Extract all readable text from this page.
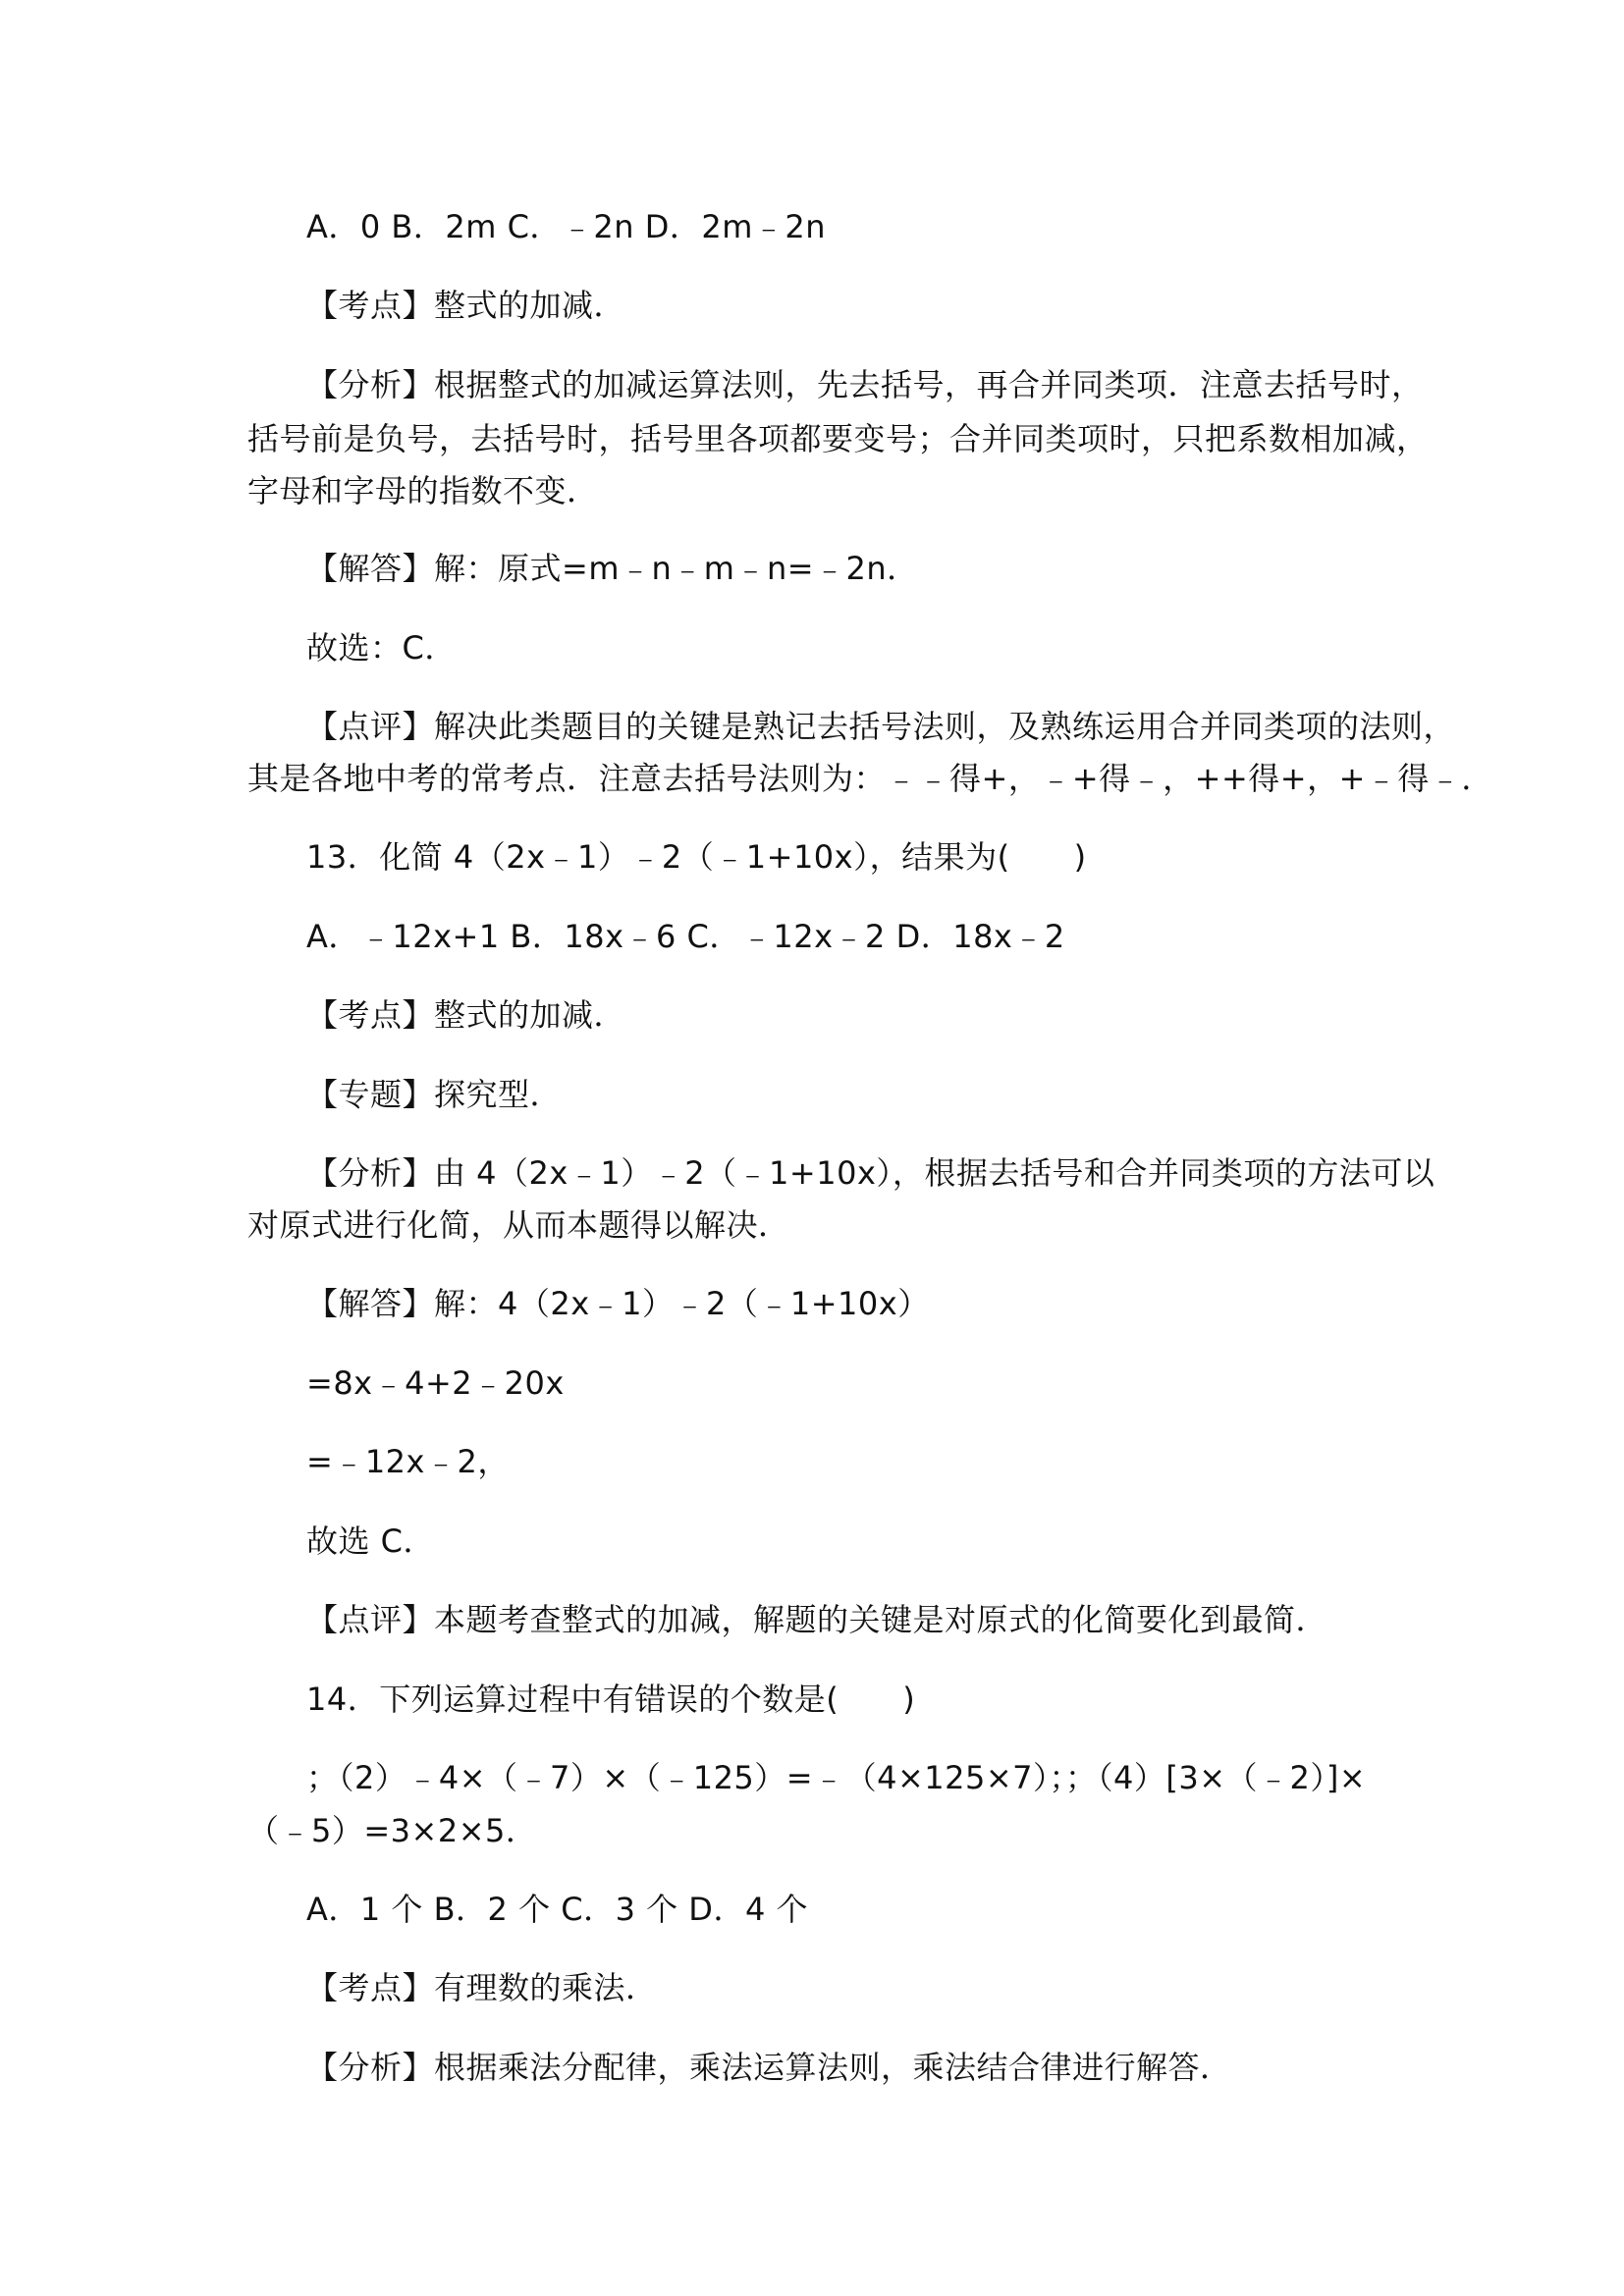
A．0 B．2m C．﹣2n D．2m﹣2n
【考点】整式的加减．
【分析】根据整式的加减运算法则，先去括号，再合并同类项．注意去括号时，
括号前是负号，去括号时，括号里各项都要变号；合并同类项时，只把系数相加减，
字母和字母的指数不变．
【解答】解：原式=m﹣n﹣m﹣n=﹣2n．
故选：C．
【点评】解决此类题目的关键是熟记去括号法则，及熟练运用合并同类项的法则，
其是各地中考的常考点．注意去括号法则为：﹣﹣得+，﹣+得﹣，++得+，+﹣得﹣．
13．化简 4（2x﹣1）﹣2（﹣1+10x），结果为(　　)
A．﹣12x+1 B．18x﹣6 C．﹣12x﹣2 D．18x﹣2
【考点】整式的加减．
【专题】探究型．
【分析】由 4（2x﹣1）﹣2（﹣1+10x），根据去括号和合并同类项的方法可以
对原式进行化简，从而本题得以解决．
【解答】解：4（2x﹣1）﹣2（﹣1+10x）
=8x﹣4+2﹣20x
=﹣12x﹣2，
故选 C．
【点评】本题考查整式的加减，解题的关键是对原式的化简要化到最简．
14．下列运算过程中有错误的个数是(　　)
；（2）﹣4×（﹣7）×（﹣125）=﹣（4×125×7）；；（4）[3×（﹣2）]×
（﹣5）=3×2×5．
A．1 个 B．2 个 C．3 个 D．4 个
【考点】有理数的乘法．
【分析】根据乘法分配律，乘法运算法则，乘法结合律进行解答．
